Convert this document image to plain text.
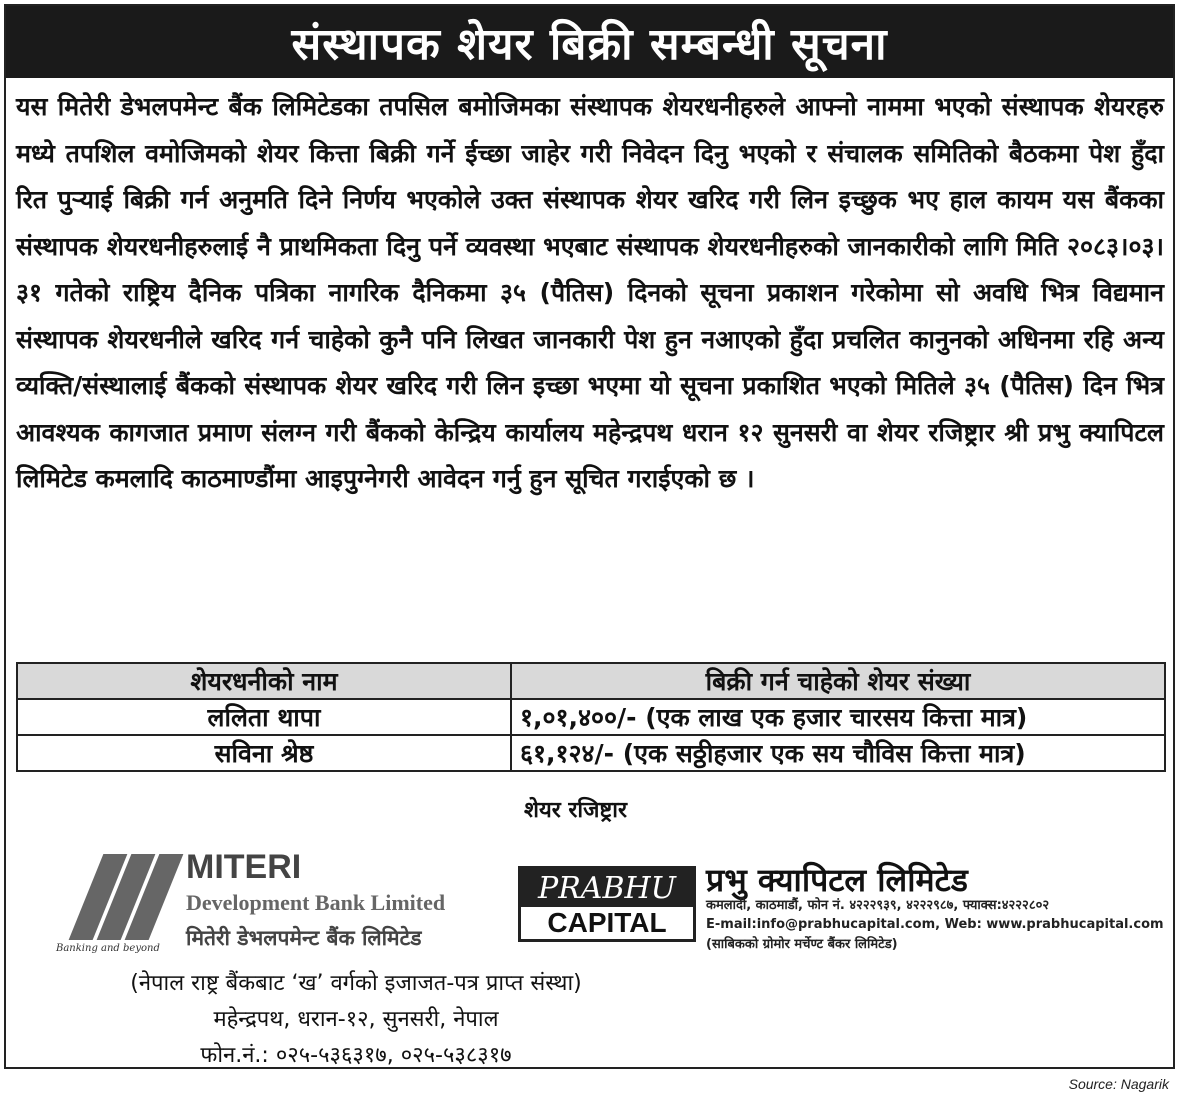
संस्थापक शेयर बिक्री सम्बन्धी सूचना
यस मितेरी डेभलपमेन्ट बैंक लिमिटेडका तपसिल बमोजिमका संस्थापक शेयरधनीहरुले आफ्नो नाममा भएको संस्थापक शेयरहरु मध्ये तपशिल वमोजिमको शेयर कित्ता बिक्री गर्ने ईच्छा जाहेर गरी निवेदन दिनु भएको र संचालक समितिको बैठकमा पेश हुँदा रित पुऱ्याई बिक्री गर्न अनुमति दिने निर्णय भएकोले उक्त संस्थापक शेयर खरिद गरी लिन इच्छुक भए हाल कायम यस बैंकका संस्थापक शेयरधनीहरुलाई नै प्राथमिकता दिनु पर्ने व्यवस्था भएबाट संस्थापक शेयरधनीहरुको जानकारीको लागि मिति २०८३।०३।३१ गतेको राष्ट्रिय दैनिक पत्रिका नागरिक दैनिकमा ३५ (पैतिस) दिनको सूचना प्रकाशन गरेकोमा सो अवधि भित्र विद्यमान संस्थापक शेयरधनीले खरिद गर्न चाहेको कुनै पनि लिखत जानकारी पेश हुन नआएको हुँदा प्रचलित कानुनको अधिनमा रहि अन्य व्यक्ति/संस्थालाई बैंकको संस्थापक शेयर खरिद गरी लिन इच्छा भएमा यो सूचना प्रकाशित भएको मितिले ३५ (पैतिस) दिन भित्र आवश्यक कागजात प्रमाण संलग्न गरी बैंकको केन्द्रिय कार्यालय महेन्द्रपथ धरान १२ सुनसरी वा शेयर रजिष्ट्रार श्री प्रभु क्यापिटल लिमिटेड कमलादि काठमाण्डौंमा आइपुग्नेगरी आवेदन गर्नु हुन सूचित गराईएको छ ।
शेयरधनीको नाम	बिक्री गर्न चाहेको शेयर संख्या
ललिता थापा	१,०१,४००/- (एक लाख एक हजार चारसय कित्ता मात्र)
सविना श्रेष्ठ	६१,१२४/- (एक सठ्ठीहजार एक सय चौविस कित्ता मात्र)
शेयर रजिष्ट्रार
Banking and beyond
MITERI
Development Bank Limited
मितेरी डेभलपमेन्ट बैंक लिमिटेड
(नेपाल राष्ट्र बैंकबाट ‘ख’ वर्गको इजाजत-पत्र प्राप्त संस्था)
महेन्द्रपथ, धरान-१२, सुनसरी, नेपाल
फोन.नं.: ०२५-५३६३१७, ०२५-५३८३१७
PRABHU
CAPITAL
प्रभु क्यापिटल लिमिटेड
कमलादी, काठमाडौं, फोन नं. ४२२२९३९, ४२२२९८७, फ्याक्स:४२२२८०२
E-mail:info@prabhucapital.com, Web: www.prabhucapital.com
(साबिकको ग्रोमोर मर्चेण्ट बैंकर लिमिटेड)
Source: Nagarik
